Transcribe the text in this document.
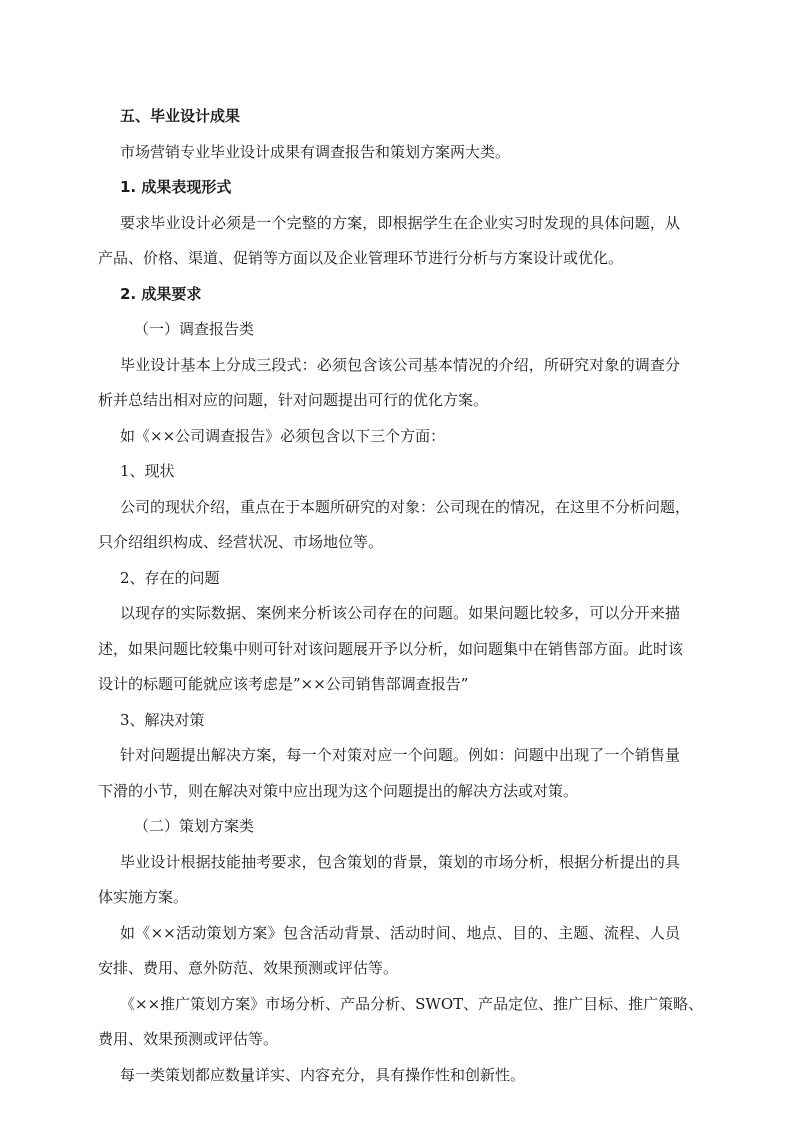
五、毕业设计成果

市场营销专业毕业设计成果有调查报告和策划方案两大类。

1. 成果表现形式

要求毕业设计必须是一个完整的方案，即根据学生在企业实习时发现的具体问题，从

产品、价格、渠道、促销等方面以及企业管理环节进行分析与方案设计或优化。

2. 成果要求

（一）调查报告类

毕业设计基本上分成三段式：必须包含该公司基本情况的介绍，所研究对象的调查分

析并总结出相对应的问题，针对问题提出可行的优化方案。

如《××公司调查报告》必须包含以下三个方面：

1、现状

公司的现状介绍，重点在于本题所研究的对象：公司现在的情况，在这里不分析问题，

只介绍组织构成、经营状况、市场地位等。

2、存在的问题

以现存的实际数据、案例来分析该公司存在的问题。如果问题比较多，可以分开来描

述，如果问题比较集中则可针对该问题展开予以分析，如问题集中在销售部方面。此时该

设计的标题可能就应该考虑是”××公司销售部调查报告”

3、解决对策

针对问题提出解决方案，每一个对策对应一个问题。例如：问题中出现了一个销售量

下滑的小节，则在解决对策中应出现为这个问题提出的解决方法或对策。

（二）策划方案类

毕业设计根据技能抽考要求，包含策划的背景，策划的市场分析，根据分析提出的具

体实施方案。

如《××活动策划方案》包含活动背景、活动时间、地点、目的、主题、流程、人员

安排、费用、意外防范、效果预测或评估等。

《××推广策划方案》市场分析、产品分析、SWOT、产品定位、推广目标、推广策略、

费用、效果预测或评估等。

每一类策划都应数量详实、内容充分，具有操作性和创新性。
